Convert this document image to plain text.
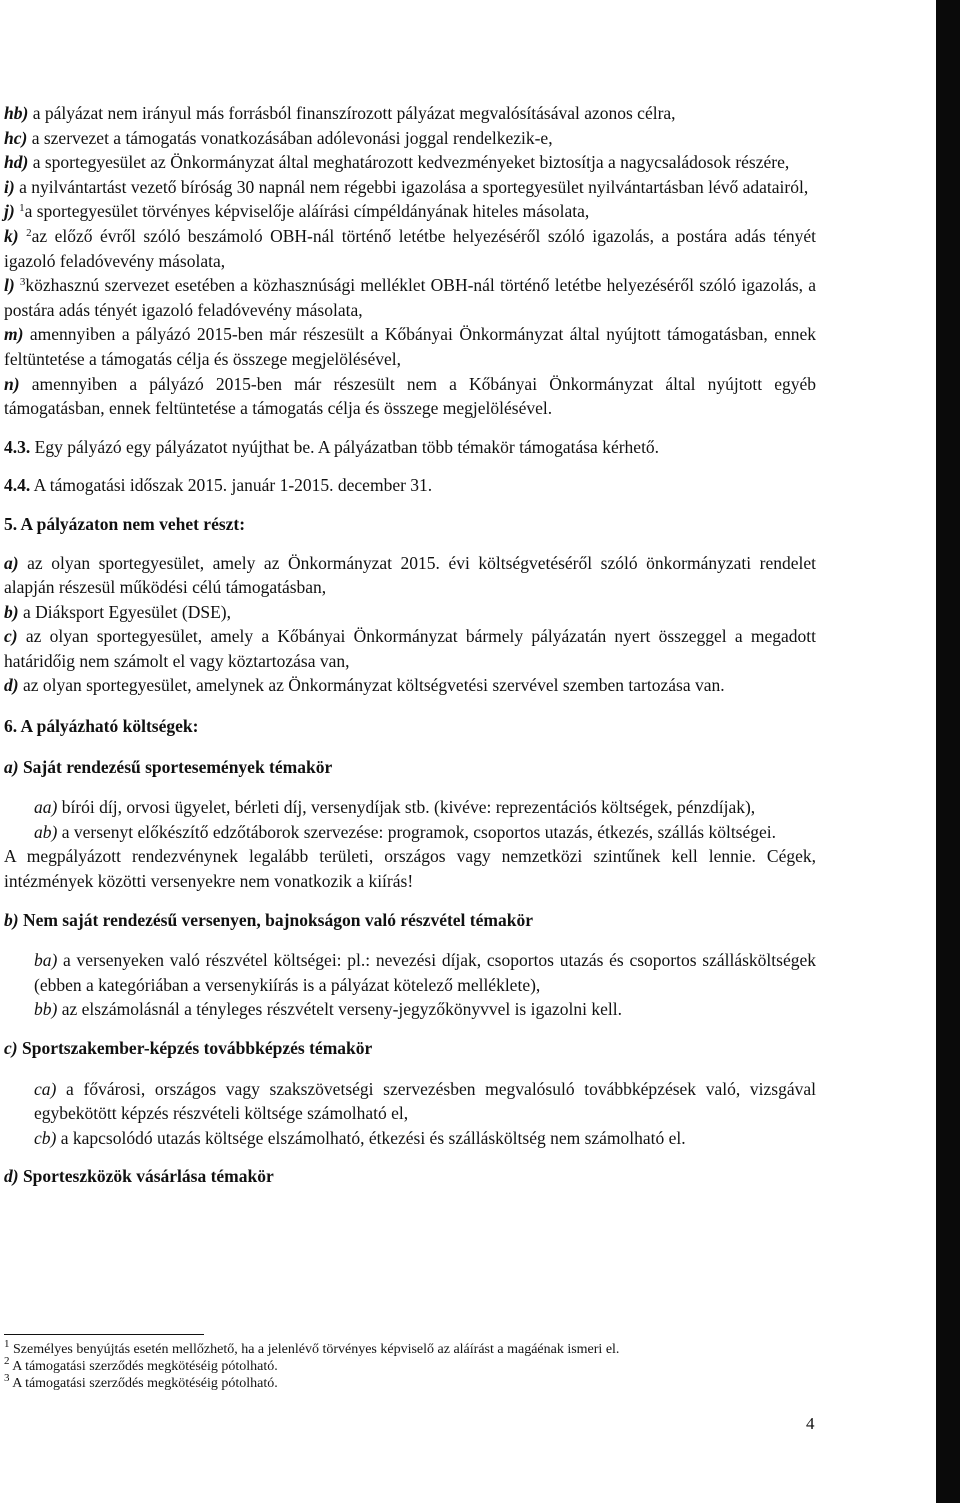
hb) a pályázat nem irányul más forrásból finanszírozott pályázat megvalósításával azonos célra,

hc) a szervezet a támogatás vonatkozásában adólevonási joggal rendelkezik-e,

hd) a sportegyesület az Önkormányzat által meghatározott kedvezményeket biztosítja a nagycsaládosok részére,

i) a nyilvántartást vezető bíróság 30 napnál nem régebbi igazolása a sportegyesület nyilvántartásban lévő adatairól,

j) $^1$a sportegyesület törvényes képviselője aláírási címpéldányának hiteles másolata,

k) $^2$az előző évről szóló beszámoló OBH-nál történő letétbe helyezéséről szóló igazolás, a postára adás tényét igazoló feladóvevény másolata,

l) $^3$közhasznú szervezet esetében a közhasznúsági melléklet OBH-nál történő letétbe helyezéséről szóló igazolás, a postára adás tényét igazoló feladóvevény másolata,

m) amennyiben a pályázó 2015-ben már részesült a Kőbányai Önkormányzat által nyújtott támogatásban, ennek feltüntetése a támogatás célja és összege megjelölésével,

n) amennyiben a pályázó 2015-ben már részesült nem a Kőbányai Önkormányzat által nyújtott egyéb támogatásban, ennek feltüntetése a támogatás célja és összege megjelölésével.

4.3. Egy pályázó egy pályázatot nyújthat be. A pályázatban több témakör támogatása kérhető.

4.4. A támogatási időszak 2015. január 1-2015. december 31.

5. A pályázaton nem vehet részt:

a) az olyan sportegyesület, amely az Önkormányzat 2015. évi költségvetéséről szóló önkormányzati rendelet alapján részesül működési célú támogatásban,

b) a Diáksport Egyesület (DSE),

c) az olyan sportegyesület, amely a Kőbányai Önkormányzat bármely pályázatán nyert összeggel a megadott határidőig nem számolt el vagy köztartozása van,

d) az olyan sportegyesület, amelynek az Önkormányzat költségvetési szervével szemben tartozása van.

6. A pályázható költségek:

a) Saját rendezésű sportesemények témakör

aa) bírói díj, orvosi ügyelet, bérleti díj, versenydíjak stb. (kivéve: reprezentációs költségek, pénzdíjak),

ab) a versenyt előkészítő edzőtáborok szervezése: programok, csoportos utazás, étkezés, szállás költségei.

A megpályázott rendezvénynek legalább területi, országos vagy nemzetközi szintűnek kell lennie. Cégek, intézmények közötti versenyekre nem vonatkozik a kiírás!

b) Nem saját rendezésű versenyen, bajnokságon való részvétel témakör

ba) a versenyeken való részvétel költségei: pl.: nevezési díjak, csoportos utazás és csoportos szállásköltségek (ebben a kategóriában a versenykiírás is a pályázat kötelező melléklete),

bb) az elszámolásnál a tényleges részvételt verseny-jegyzőkönyvvel is igazolni kell.

c) Sportszakember-képzés továbbképzés témakör

ca) a fővárosi, országos vagy szakszövetségi szervezésben megvalósuló továbbképzések való, vizsgával egybekötött képzés részvételi költsége számolható el,

cb) a kapcsolódó utazás költsége elszámolható, étkezési és szállásköltség nem számolható el.

d) Sporteszközök vásárlása témakör

$^1$ Személyes benyújtás esetén mellőzhető, ha a jelenlévő törvényes képviselő az aláírást a magáénak ismeri el.
$^2$ A támogatási szerződés megkötéséig pótolható.
$^3$ A támogatási szerződés megkötéséig pótolható.
4
